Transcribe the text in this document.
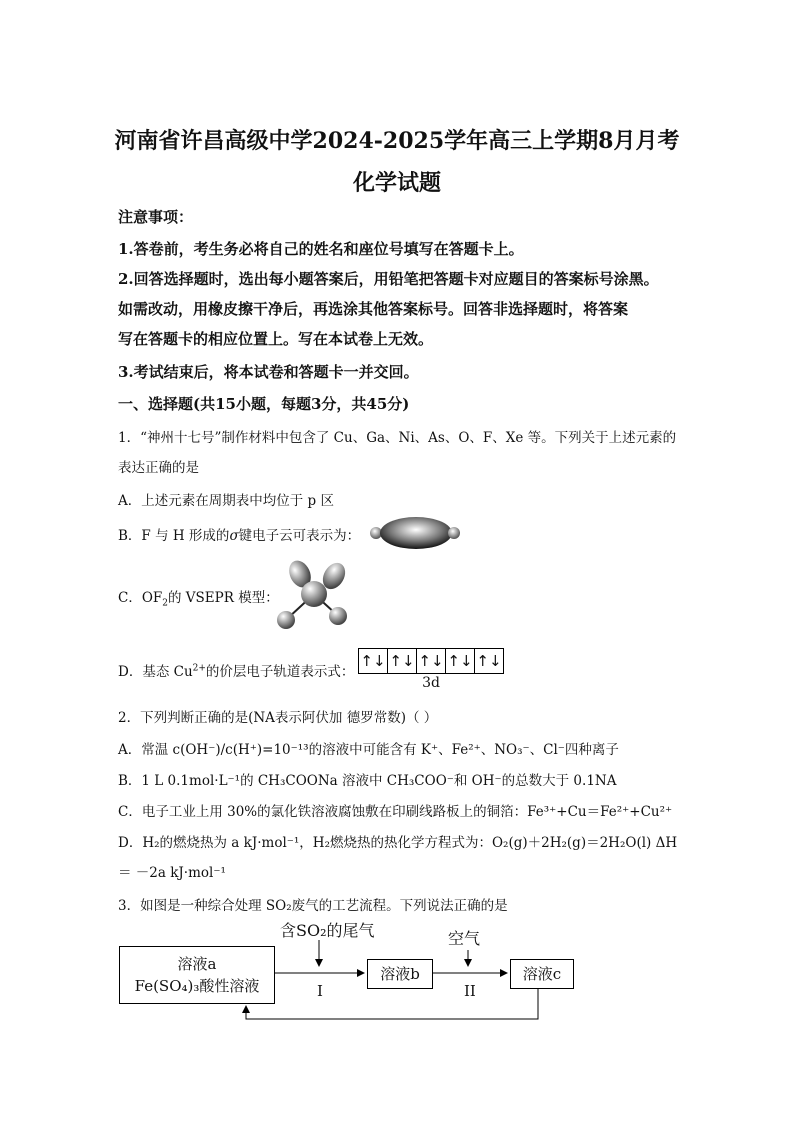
河南省许昌高级中学2024-2025学年高三上学期8月月考
化学试题
注意事项：
1.答卷前，考生务必将自己的姓名和座位号填写在答题卡上。
2.回答选择题时，选出每小题答案后，用铅笔把答题卡对应题目的答案标号涂黑。
如需改动，用橡皮擦干净后，再选涂其他答案标号。回答非选择题时，将答案
写在答题卡的相应位置上。写在本试卷上无效。
3.考试结束后，将本试卷和答题卡一并交回。
一、选择题(共15小题，每题3分，共45分)
1．“神州十七号”制作材料中包含了 Cu、Ga、Ni、As、O、F、Xe 等。下列关于上述元素的
表达正确的是
A．上述元素在周期表中均位于 p 区
B．F 与 H 形成的σ键电子云可表示为：
C．$OF_2$的 VSEPR 模型：
D．基态 $Cu^{2+}$的价层电子轨道表示式：
↑↓ ↑↓ ↑↓ ↑↓ ↑↓
3d
2．下列判断正确的是(NA表示阿伏加 德罗常数)（ ）
A．常温 c(OH⁻)/c(H⁺)=10⁻¹³的溶液中可能含有 K⁺、Fe²⁺、NO₃⁻、Cl⁻四种离子
B．1 L 0.1mol·L⁻¹的 CH₃COONa 溶液中 CH₃COO⁻和 OH⁻的总数大于 0.1NA
C．电子工业上用 30%的氯化铁溶液腐蚀敷在印刷线路板上的铜箔：Fe³⁺+Cu＝Fe²⁺+Cu²⁺
D．H₂的燃烧热为 a kJ·mol⁻¹，H₂燃烧热的热化学方程式为：O₂(g)＋2H₂(g)＝2H₂O(l) ΔH
＝ －2a kJ·mol⁻¹
3．如图是一种综合处理 SO₂废气的工艺流程。下列说法正确的是
含SO₂的尾气	空气
溶液a
Fe(SO₄)₃酸性溶液
溶液b	溶液c
I	II
